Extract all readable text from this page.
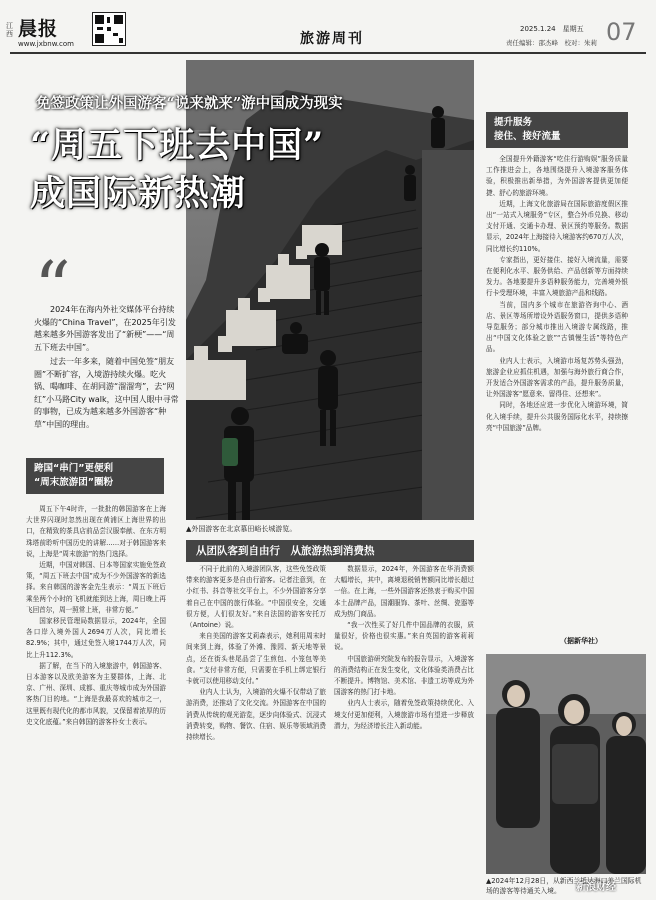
江西 晨报
www.jxbnw.com	旅游周刊
2025.1.24　星期五
责任编辑：邵杰峰　校对：朱莉 07
免签政策让外国游客“说来就来”游中国成为现实
“周五下班去中国”
成国际新热潮
“

2024年在海内外社交媒体平台持续火爆的“China Travel”，在2025年引发越来越多外国游客发出了“新梗”——“周五下班去中国”。

过去一年多来，随着中国免签“朋友圈”不断扩容，入境游持续火爆。吃火锅、喝咖啡、在胡同游“溜溜弯”，去“网红”小马路City walk，这中国人眼中寻常的事物，已成为越来越多外国游客“种草”中国的理由。

跨国“串门”更便利
“周末旅游团”圈粉
提升服务
接住、接好流量
从团队客到自由行　从旅游热到消费热
▲外国游客在北京慕田峪长城游览。

周五下午4时许，一批批的韩国游客在上海大世界闪现时忽然出现在黄浦区上海世界的出口，在精致的茶具店前品尝汉服奉献、在东方明珠塔前聆听中国历史的讲解……对于韩国游客来说，上海是“周末旅游”的热门选择。

近期，中国对韩国、日本等国家实施免签政策，“周五下班去中国”成为不少外国游客的新选择。来自韩国的游客金先生表示：“周五下班后乘坐两个小时的飞机就能到达上海，周日晚上再飞回首尔，周一照常上班，非常方便。”

国家移民管理局数据显示，2024年，全国各口岸入境外国人2694万人次，同比增长82.9%；其中，通过免签入境1744万人次，同比上升112.3%。

据了解，在当下的入境旅游中，韩国游客、日本游客以及欧美游客为主要群体，上海、北京、广州、深圳、成都、重庆等城市成为外国游客热门目的地。“上海是我最喜欢的城市之一，这里既有现代化的都市风貌，又保留着浓厚的历史文化底蕴。”来自韩国的游客朴女士表示。

不同于此前的入境游团队客，这些免签政策带来的游客更多是自由行游客。记者注意到，在小红书、抖音等社交平台上，不少外国游客分享着自己在中国的旅行体验。“中国很安全，交通很方便，人们很友好。”来自法国的游客安托万（Antoine）说。

来自美国的游客艾莉森表示，她利用周末时间来到上海，体验了外滩、豫园、新天地等景点，还在街头巷尾品尝了生煎包、小笼包等美食。“支付非常方便，只需要在手机上绑定银行卡就可以使用移动支付。”

业内人士认为，入境游的火爆不仅带动了旅游消费，还推动了文化交流。外国游客在中国的消费从传统的观光游览，逐步向体验式、沉浸式消费转变，购物、餐饮、住宿、娱乐等领域消费持续增长。

数据显示，2024年，外国游客在华消费额大幅增长，其中，离境退税销售额同比增长超过一倍。在上海，一些外国游客还热衷于购买中国本土品牌产品，国潮服饰、茶叶、丝绸、瓷器等成为热门商品。

“我一次性买了好几件中国品牌的衣服，质量很好，价格也很实惠。”来自英国的游客莉莉说。

中国旅游研究院发布的报告显示，入境游客的消费结构正在发生变化，文化体验类消费占比不断提升。博物馆、美术馆、非遗工坊等成为外国游客的热门打卡地。

业内人士表示，随着免签政策持续优化、入境支付更加便利，入境旅游市场有望进一步释放潜力，为经济增长注入新动能。

全国提升外籍游客“吃住行游购娱”服务质量工作推进会上，各地围绕提升入境游客服务体验，积极推出新举措，为外国游客提供更加便捷、舒心的旅游环境。

近期，上海文化旅游局在国际旅游度假区推出“一站式入境服务”专区，整合外币兑换、移动支付开通、交通卡办理、景区预约等服务。数据显示，2024年上海接待入境游客约670万人次，同比增长约110%。

专家指出，更好接住、接好入境流量，需要在便利化水平、服务供给、产品创新等方面持续发力。各地要提升多语种服务能力，完善境外银行卡受理环境，丰富入境旅游产品和线路。

当前，国内多个城市在旅游咨询中心、酒店、景区等场所增设外语服务窗口，提供多语种导览服务；部分城市推出入境游专属线路，推出“中国文化体验之旅”“古镇慢生活”等特色产品。

业内人士表示，入境游市场复苏势头强劲，旅游企业应抓住机遇，加强与海外旅行商合作，开发适合外国游客需求的产品，提升服务质量，让外国游客“愿意来、留得住、还想来”。

同时，各地还应进一步优化入境游环境，简化入境手续，提升公共服务国际化水平，持续擦亮“中国旅游”品牌。

（据新华社）
▲2024年12月28日，从新西兰抵达海口美兰国际机场的游客等待通关入境。	新浪财经
